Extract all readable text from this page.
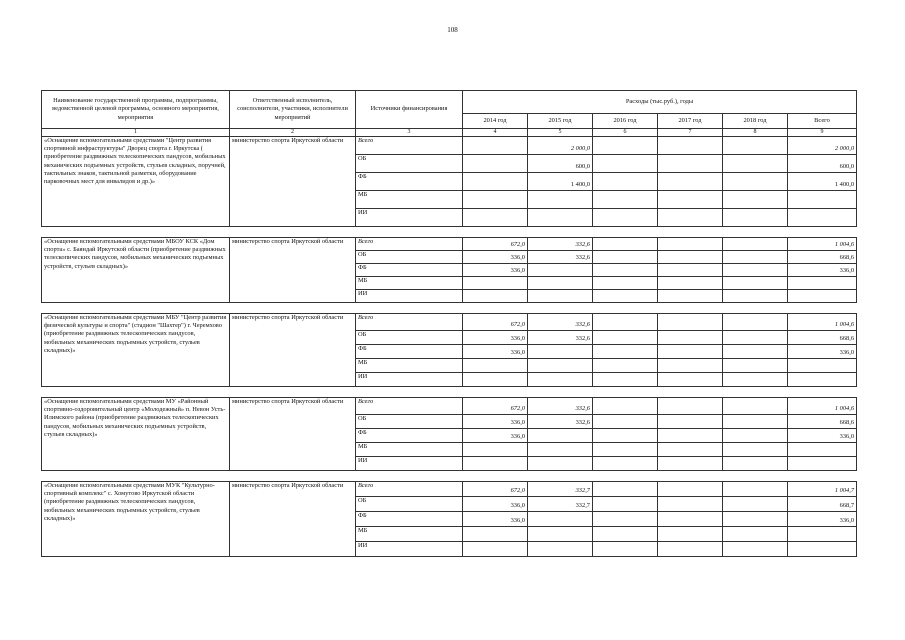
108
Наименование государственной программы, подпрограммы, ведомственной целевой программы, основного мероприятия, мероприятия	Ответственный исполнитель, соисполнители, участники, исполнители мероприятий	Источники финансирования	Расходы (тыс.руб.), годы					
			2014 год	2015 год	2016 год	2017 год	2018 год	Всего
1	2	3	4	5	6	7	8	9
«Оснащение вспомогательными средствами "Центр развития спортивной инфраструктуры" Дворец спорта г. Иркутска ( приобретение раздвижных телескопических пандусов, мобильных механических подъемных устройств, стульев складных, поручней, тактильных знаков, тактильной разметки, оборудование парковочных мест для инвалидов и др.)»	министерство спорта Иркутской области	Всего		2 000,0				2 000,0
		ОБ		600,0				600,0
		ФБ		1 400,0				1 400,0
		МБ						
		ИИ						

«Оснащение вспомогательными средствами МБОУ КСК «Дом спорта» с. Баяндай Иркутской области (приобретение раздвижных телескопических пандусов, мобильных механических подъемных устройств, стульев складных)»	министерство спорта Иркутской области	Всего	672,0	332,6				1 004,6
		ОБ	336,0	332,6				668,6
		ФБ	336,0					336,0
		МБ						
		ИИ						

«Оснащение вспомогательными средствами МБУ "Центр развития физической культуры и спорта" (стадион "Шахтер") г. Черемхово (приобретение раздвижных телескопических пандусов, мобильных механических подъемных устройств, стульев складных)»	министерство спорта Иркутской области	Всего	672,0	332,6				1 004,6
		ОБ	336,0	332,6				668,6
		ФБ	336,0					336,0
		МБ						
		ИИ						

«Оснащение вспомогательными средствами МУ «Районный спортивно-оздоровительный центр «Молодежный» п. Невон Усть-Илимского района (приобретение раздвижных телескопических пандусов, мобильных механических подъемных устройств, стульев складных)»	министерство спорта Иркутской области	Всего	672,0	332,6				1 004,6
		ОБ	336,0	332,6				668,6
		ФБ	336,0					336,0
		МБ						
		ИИ						

«Оснащение вспомогательными средствами МУК "Культурно-спортивный комплекс" с. Хомутово Иркутской области (приобретение раздвижных телескопических пандусов, мобильных механических подъемных устройств, стульев складных)»	министерство спорта Иркутской области	Всего	672,0	332,7				1 004,7
		ОБ	336,0	332,7				668,7
		ФБ	336,0					336,0
		МБ						
		ИИ						
